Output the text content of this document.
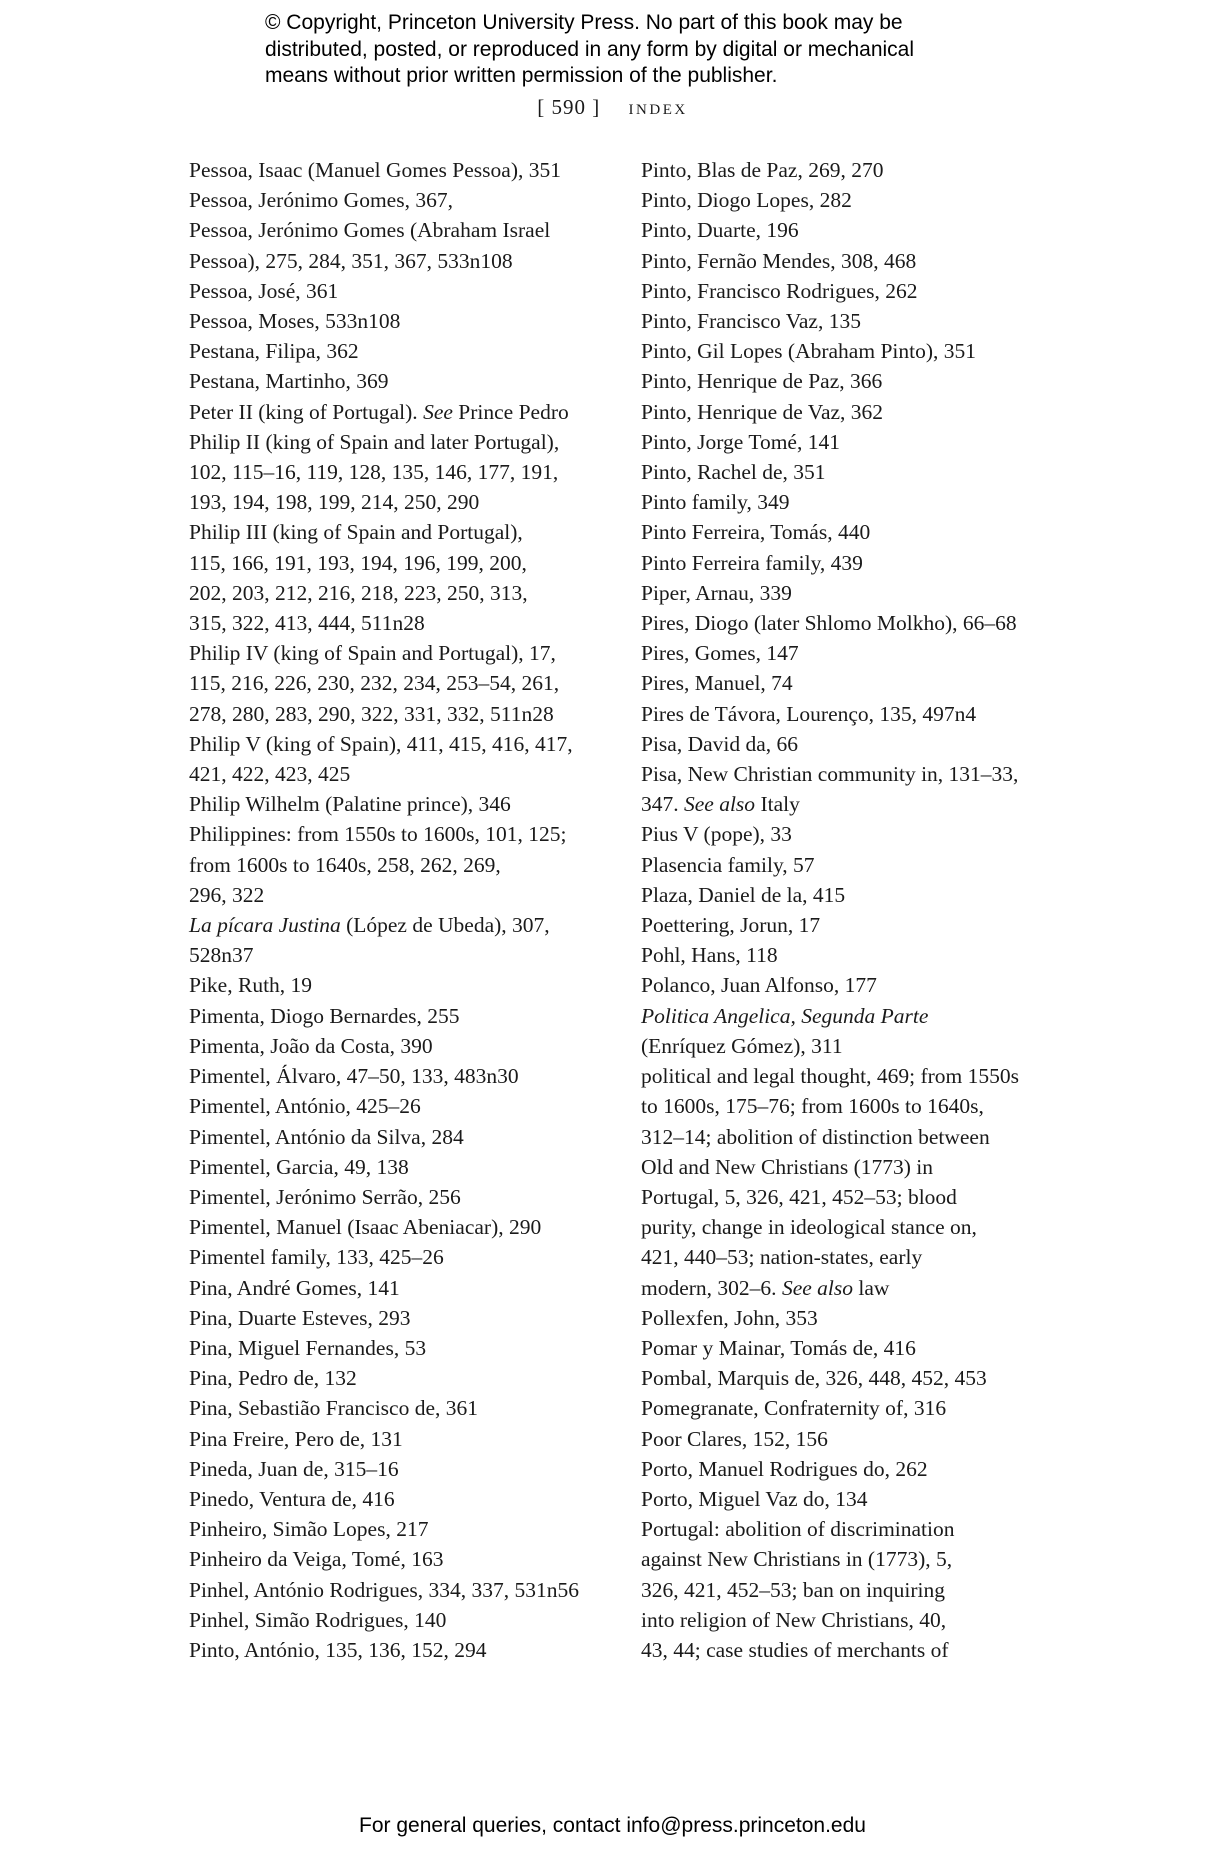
© Copyright, Princeton University Press. No part of this book may be
distributed, posted, or reproduced in any form by digital or mechanical
means without prior written permission of the publisher.
[ 590 ] index

Pessoa, Isaac (Manuel Gomes Pessoa), 351

Pessoa, Jerónimo Gomes, 367,

Pessoa, Jerónimo Gomes (Abraham Israel
Pessoa), 275, 284, 351, 367, 533n108

Pessoa, José, 361

Pessoa, Moses, 533n108

Pestana, Filipa, 362

Pestana, Martinho, 369

Peter II (king of Portugal). See Prince Pedro

Philip II (king of Spain and later Portugal),
102, 115–16, 119, 128, 135, 146, 177, 191,
193, 194, 198, 199, 214, 250, 290

Philip III (king of Spain and Portugal),
115, 166, 191, 193, 194, 196, 199, 200,
202, 203, 212, 216, 218, 223, 250, 313,
315, 322, 413, 444, 511n28

Philip IV (king of Spain and Portugal), 17,
115, 216, 226, 230, 232, 234, 253–54, 261,
278, 280, 283, 290, 322, 331, 332, 511n28

Philip V (king of Spain), 411, 415, 416, 417,
421, 422, 423, 425

Philip Wilhelm (Palatine prince), 346

Philippines: from 1550s to 1600s, 101, 125;
from 1600s to 1640s, 258, 262, 269,
296, 322

La pícara Justina (López de Ubeda), 307,
528n37

Pike, Ruth, 19

Pimenta, Diogo Bernardes, 255

Pimenta, João da Costa, 390

Pimentel, Álvaro, 47–50, 133, 483n30

Pimentel, António, 425–26

Pimentel, António da Silva, 284

Pimentel, Garcia, 49, 138

Pimentel, Jerónimo Serrão, 256

Pimentel, Manuel (Isaac Abeniacar), 290

Pimentel family, 133, 425–26

Pina, André Gomes, 141

Pina, Duarte Esteves, 293

Pina, Miguel Fernandes, 53

Pina, Pedro de, 132

Pina, Sebastião Francisco de, 361

Pina Freire, Pero de, 131

Pineda, Juan de, 315–16

Pinedo, Ventura de, 416

Pinheiro, Simão Lopes, 217

Pinheiro da Veiga, Tomé, 163

Pinhel, António Rodrigues, 334, 337, 531n56

Pinhel, Simão Rodrigues, 140

Pinto, António, 135, 136, 152, 294

Pinto, Blas de Paz, 269, 270

Pinto, Diogo Lopes, 282

Pinto, Duarte, 196

Pinto, Fernão Mendes, 308, 468

Pinto, Francisco Rodrigues, 262

Pinto, Francisco Vaz, 135

Pinto, Gil Lopes (Abraham Pinto), 351

Pinto, Henrique de Paz, 366

Pinto, Henrique de Vaz, 362

Pinto, Jorge Tomé, 141

Pinto, Rachel de, 351

Pinto family, 349

Pinto Ferreira, Tomás, 440

Pinto Ferreira family, 439

Piper, Arnau, 339

Pires, Diogo (later Shlomo Molkho), 66–68

Pires, Gomes, 147

Pires, Manuel, 74

Pires de Távora, Lourenço, 135, 497n4

Pisa, David da, 66

Pisa, New Christian community in, 131–33,
347. See also Italy

Pius V (pope), 33

Plasencia family, 57

Plaza, Daniel de la, 415

Poettering, Jorun, 17

Pohl, Hans, 118

Polanco, Juan Alfonso, 177

Politica Angelica, Segunda Parte
(Enríquez Gómez), 311

political and legal thought, 469; from 1550s
to 1600s, 175–76; from 1600s to 1640s,
312–14; abolition of distinction between
Old and New Christians (1773) in
Portugal, 5, 326, 421, 452–53; blood
purity, change in ideological stance on,
421, 440–53; nation-states, early
modern, 302–6. See also law

Pollexfen, John, 353

Pomar y Mainar, Tomás de, 416

Pombal, Marquis de, 326, 448, 452, 453

Pomegranate, Confraternity of, 316

Poor Clares, 152, 156

Porto, Manuel Rodrigues do, 262

Porto, Miguel Vaz do, 134

Portugal: abolition of discrimination
against New Christians in (1773), 5,
326, 421, 452–53; ban on inquiring
into religion of New Christians, 40,
43, 44; case studies of merchants of

For general queries, contact info@press.princeton.edu
